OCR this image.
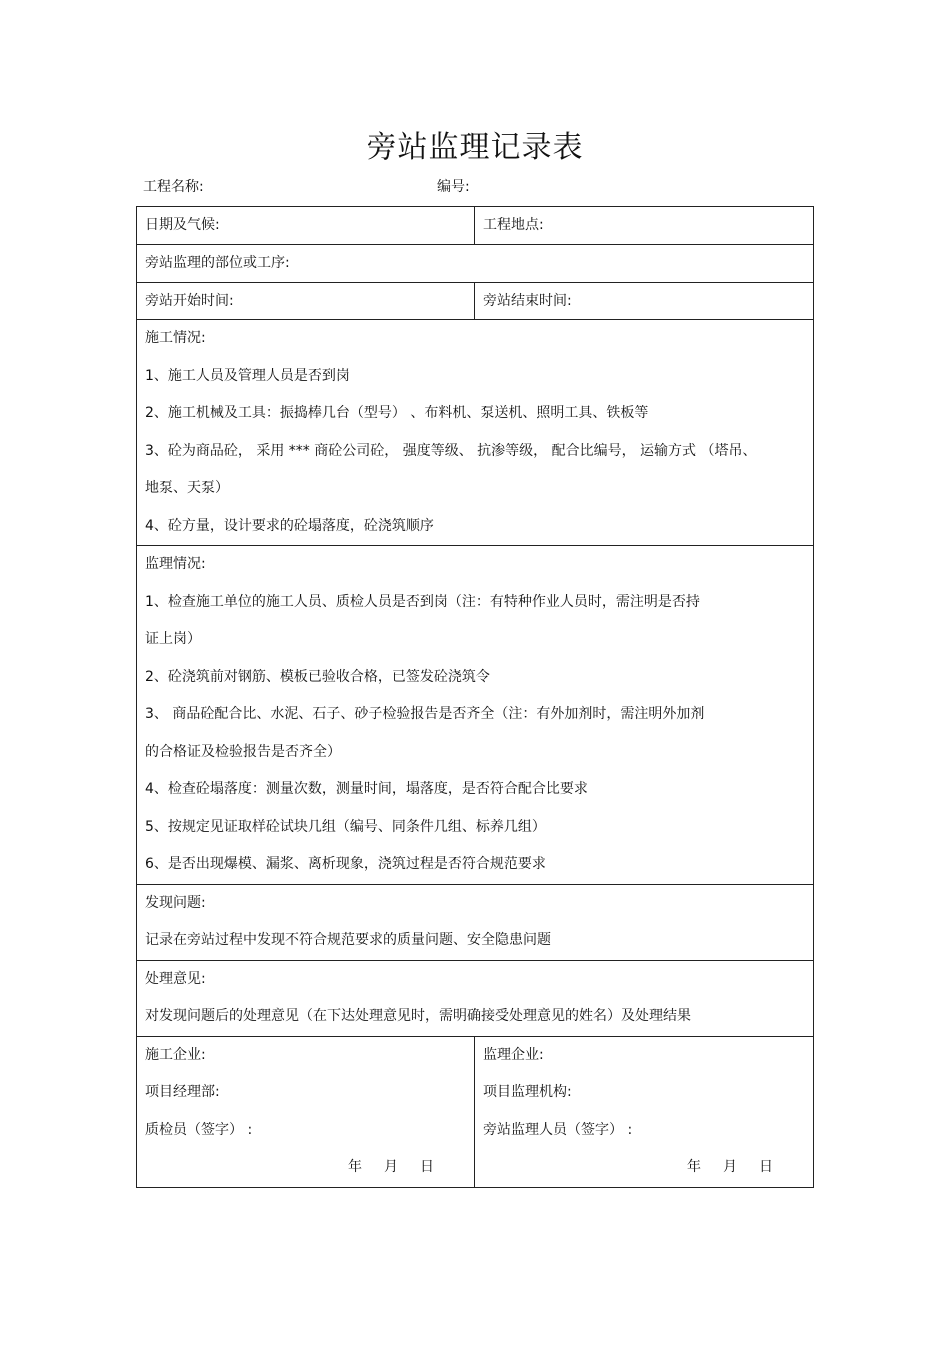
旁站监理记录表
工程名称:	编号:
日期及气候:	工程地点:
旁站监理的部位或工序:
旁站开始时间:	旁站结束时间:
施工情况:
1、施工人员及管理人员是否到岗
2、施工机械及工具：振捣棒几台（型号） 、布料机、泵送机、照明工具、铁板等
3、砼为商品砼， 采用 *** 商砼公司砼， 强度等级、 抗渗等级， 配合比编号， 运输方式 （塔吊、
地泵、天泵）
4、砼方量，设计要求的砼塌落度，砼浇筑顺序
监理情况:
1、检查施工单位的施工人员、质检人员是否到岗（注：有特种作业人员时，需注明是否持
证上岗）
2、砼浇筑前对钢筋、模板已验收合格，已签发砼浇筑令
3、 商品砼配合比、水泥、石子、砂子检验报告是否齐全（注：有外加剂时，需注明外加剂
的合格证及检验报告是否齐全）
4、检查砼塌落度：测量次数，测量时间，塌落度，是否符合配合比要求
5、按规定见证取样砼试块几组（编号、同条件几组、标养几组）
6、是否出现爆模、漏浆、离析现象，浇筑过程是否符合规范要求
发现问题:
记录在旁站过程中发现不符合规范要求的质量问题、安全隐患问题
处理意见:
对发现问题后的处理意见（在下达处理意见时，需明确接受处理意见的姓名）及处理结果
施工企业:
项目经理部:
质检员（签字） :
年 月 日
监理企业:
项目监理机构:
旁站监理人员（签字） :
年 月 日
